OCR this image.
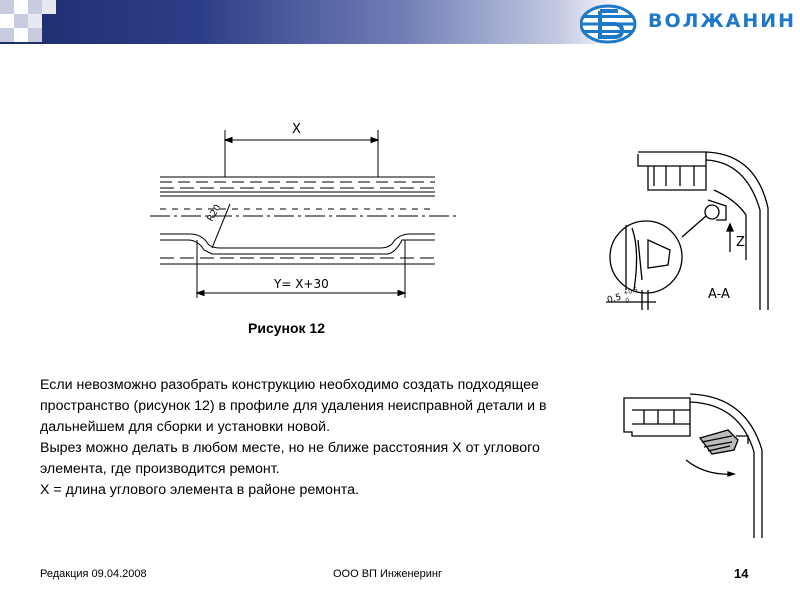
ВОЛЖАНИН
X
Y= X+30
R20
Z
A-A
0.5
+0.5
0
Рисунок 12

Если невозможно разобрать конструкцию необходимо создать подходящее пространство (рисунок 12) в профиле для удаления неисправной детали и в дальнейшем для сборки и установки новой.

Вырез можно делать в любом месте, но не ближе расстояния X от углового элемента, где производится ремонт.

X = длина углового элемента в районе ремонта.

Редакция 09.04.2008	ООО ВП Инженеринг	14
